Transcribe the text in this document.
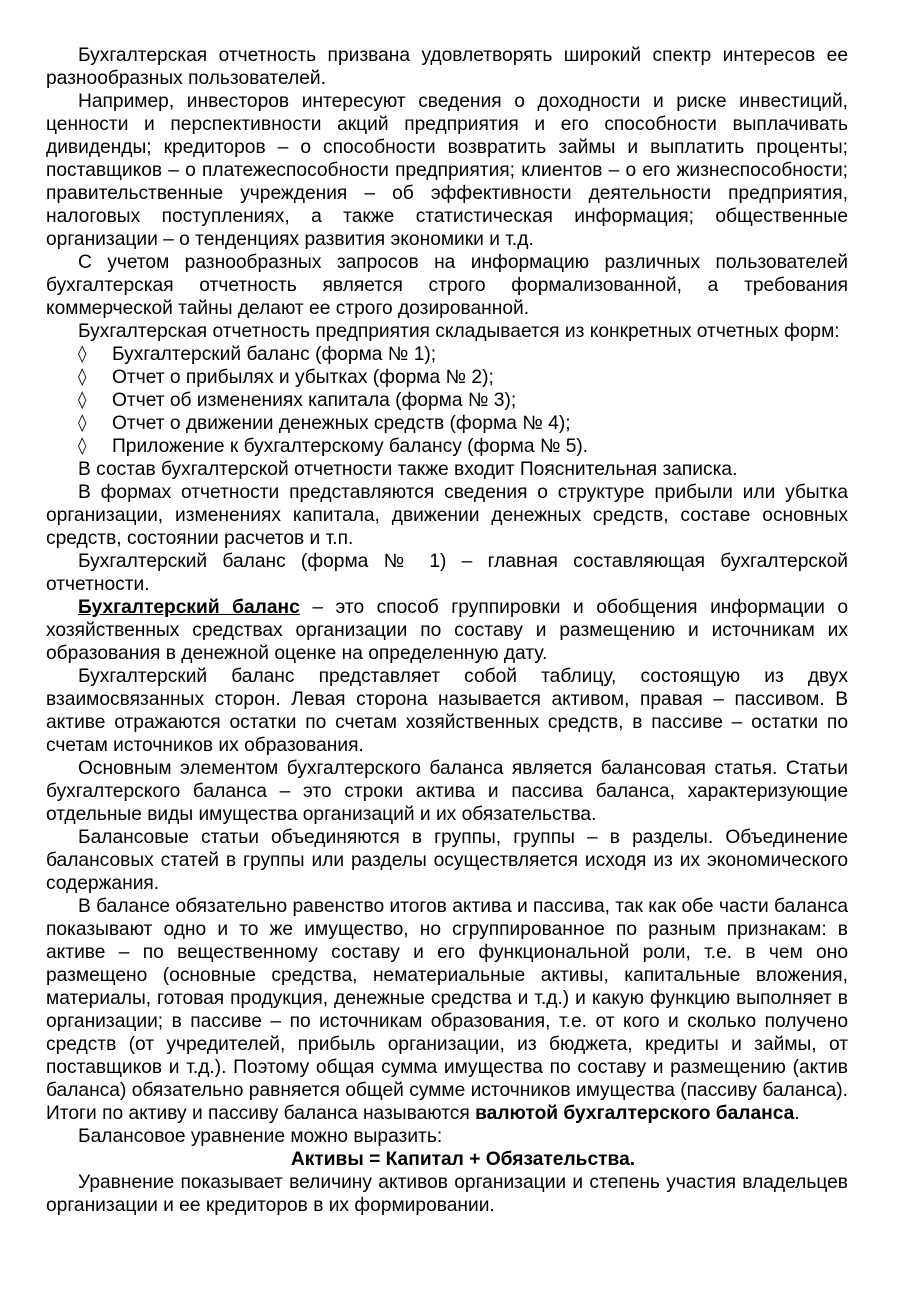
Бухгалтерская отчетность призвана удовлетворять широкий спектр интересов ее разнообразных пользователей.

Например, инвесторов интересуют сведения о доходности и риске инвестиций, ценности и перспективности акций предприятия и его способности выплачивать дивиденды; кредиторов – о способности возвратить займы и выплатить проценты; поставщиков – о платежеспособности предприятия; клиентов – о его жизнеспособности; правительственные учреждения – об эффективности деятельности предприятия, налоговых поступлениях, а также статистическая информация; общественные организации – о тенденциях развития экономики и т.д.

С учетом разнообразных запросов на информацию различных пользователей бухгалтерская отчетность является строго формализованной, а требования коммерческой тайны делают ее строго дозированной.

Бухгалтерская отчетность предприятия складывается из конкретных отчетных форм:

◊ Бухгалтерский баланс (форма № 1);
◊ Отчет о прибылях и убытках (форма № 2);
◊ Отчет об изменениях капитала (форма № 3);
◊ Отчет о движении денежных средств (форма № 4);
◊ Приложение к бухгалтерскому балансу (форма № 5).

В состав бухгалтерской отчетности также входит Пояснительная записка.

В формах отчетности представляются сведения о структуре прибыли или убытка организации, изменениях капитала, движении денежных средств, составе основных средств, состоянии расчетов и т.п.

Бухгалтерский баланс (форма № 1) – главная составляющая бухгалтерской отчетности.

Бухгалтерский баланс – это способ группировки и обобщения информации о хозяйственных средствах организации по составу и размещению и источникам их образования в денежной оценке на определенную дату.

Бухгалтерский баланс представляет собой таблицу, состоящую из двух взаимосвязанных сторон. Левая сторона называется активом, правая – пассивом. В активе отражаются остатки по счетам хозяйственных средств, в пассиве – остатки по счетам источников их образования.

Основным элементом бухгалтерского баланса является балансовая статья. Статьи бухгалтерского баланса – это строки актива и пассива баланса, характеризующие отдельные виды имущества организаций и их обязательства.

Балансовые статьи объединяются в группы, группы – в разделы. Объединение балансовых статей в группы или разделы осуществляется исходя из их экономического содержания.

В балансе обязательно равенство итогов актива и пассива, так как обе части баланса показывают одно и то же имущество, но сгруппированное по разным признакам: в активе – по вещественному составу и его функциональной роли, т.е. в чем оно размещено (основные средства, нематериальные активы, капитальные вложения, материалы, готовая продукция, денежные средства и т.д.) и какую функцию выполняет в организации; в пассиве – по источникам образования, т.е. от кого и сколько получено средств (от учредителей, прибыль организации, из бюджета, кредиты и займы, от поставщиков и т.д.). Поэтому общая сумма имущества по составу и размещению (актив баланса) обязательно равняется общей сумме источников имущества (пассиву баланса). Итоги по активу и пассиву баланса называются валютой бухгалтерского баланса.

Балансовое уравнение можно выразить:

Активы = Капитал + Обязательства.

Уравнение показывает величину активов организации и степень участия владельцев организации и ее кредиторов в их формировании.
